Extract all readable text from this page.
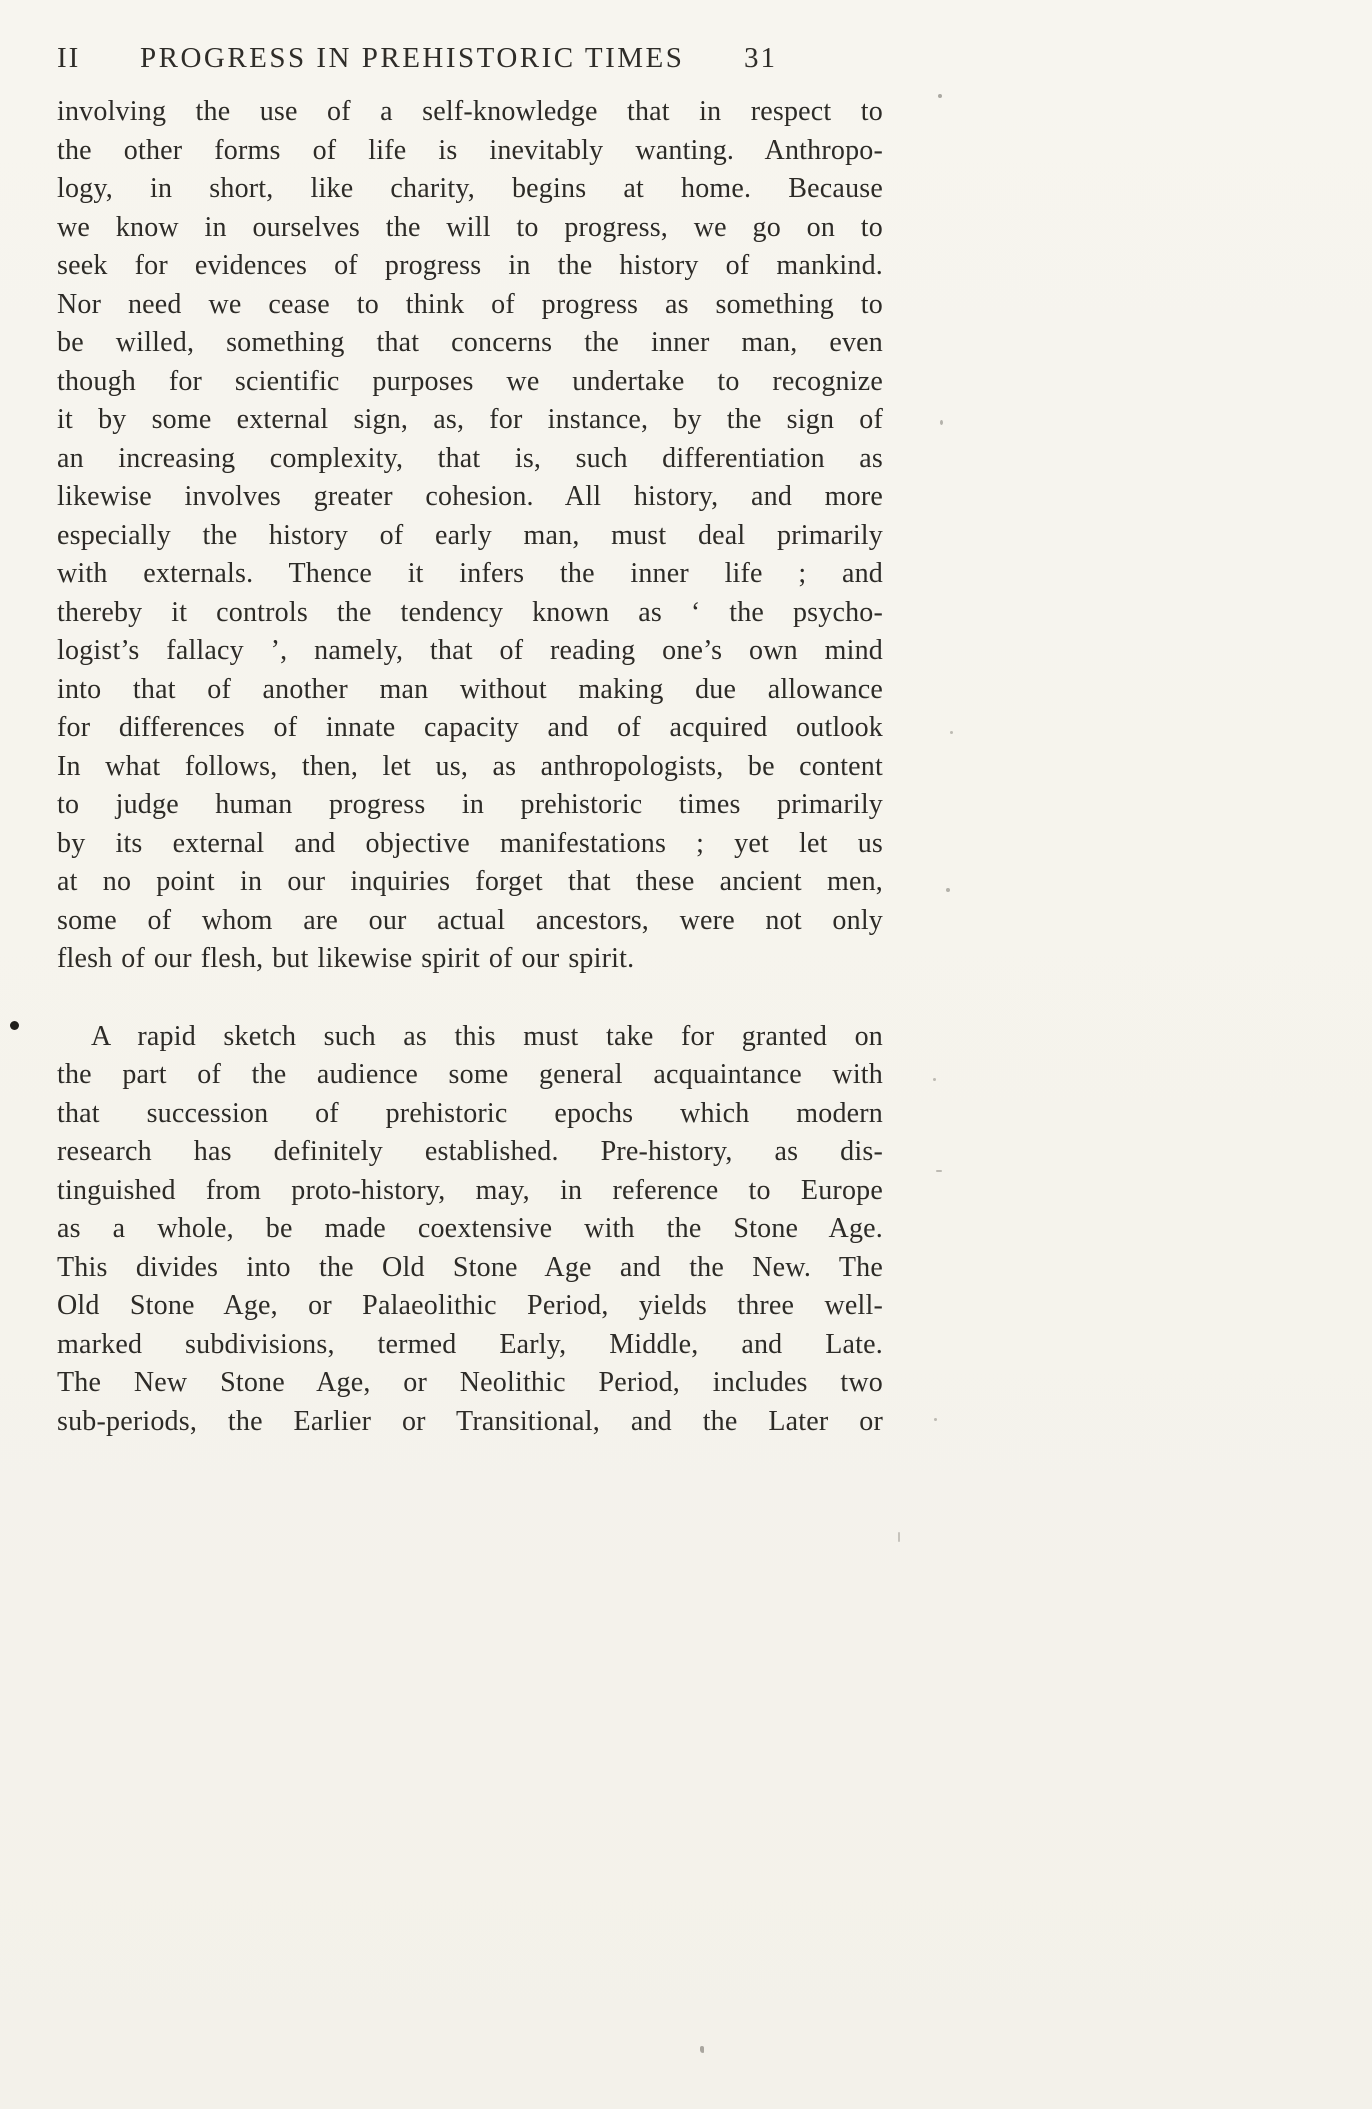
II PROGRESS IN PREHISTORIC TIMES 31
involving the use of a self-knowledge that in respect to
the other forms of life is inevitably wanting. Anthropo-
logy, in short, like charity, begins at home. Because
we know in ourselves the will to progress, we go on to
seek for evidences of progress in the history of mankind.
Nor need we cease to think of progress as something to
be willed, something that concerns the inner man, even
though for scientific purposes we undertake to recognize
it by some external sign, as, for instance, by the sign of
an increasing complexity, that is, such differentiation as
likewise involves greater cohesion. All history, and more
especially the history of early man, must deal primarily
with externals. Thence it infers the inner life ; and
thereby it controls the tendency known as ‘ the psycho-
logist’s fallacy ’, namely, that of reading one’s own mind
into that of another man without making due allowance
for differences of innate capacity and of acquired outlook
In what follows, then, let us, as anthropologists, be content
to judge human progress in prehistoric times primarily
by its external and objective manifestations ; yet let us
at no point in our inquiries forget that these ancient men,
some of whom are our actual ancestors, were not only
flesh of our flesh, but likewise spirit of our spirit.
A rapid sketch such as this must take for granted on
the part of the audience some general acquaintance with
that succession of prehistoric epochs which modern
research has definitely established. Pre-history, as dis-
tinguished from proto-history, may, in reference to Europe
as a whole, be made coextensive with the Stone Age.
This divides into the Old Stone Age and the New. The
Old Stone Age, or Palaeolithic Period, yields three well-
marked subdivisions, termed Early, Middle, and Late.
The New Stone Age, or Neolithic Period, includes two
sub-periods, the Earlier or Transitional, and the Later or
